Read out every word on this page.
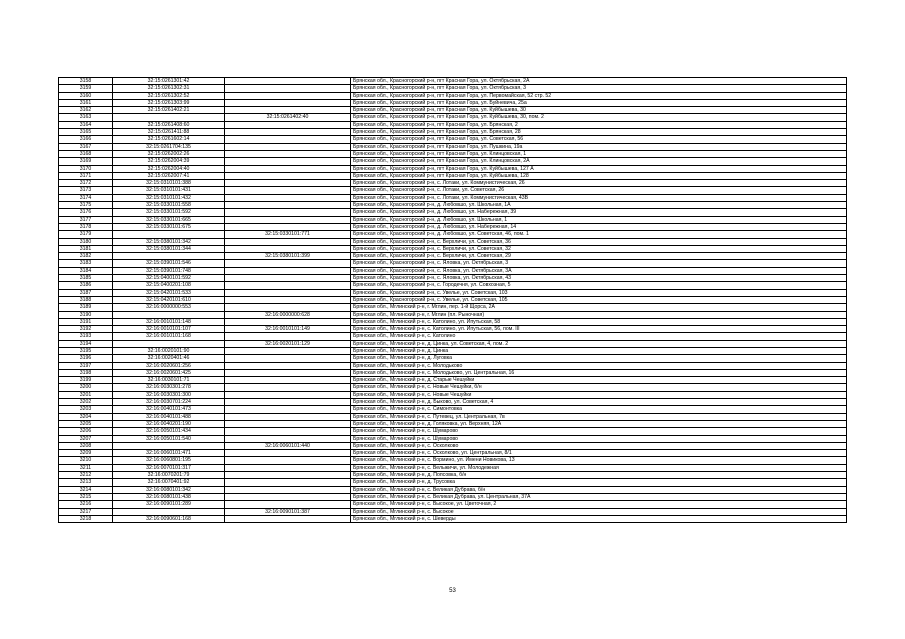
3158	32:15:0261301:42		Брянская обл., Красногорский р-н, пгт Красная Гора, ул. Октябрьская, 2А
3159	32:15:0261302:31		Брянская обл., Красногорский р-н, пгт Красная Гора, ул. Октябрьская, 3
3160	32:15:0261302:52		Брянская обл., Красногорский р-н, пгт Красная Гора, ул. Первомайская, 52 стр. 52
3161	32:15:0261303:99		Брянская обл., Красногорский р-н, пгт Красная Гора, ул. Буйневича, 25а
3162	32:15:0261402:21		Брянская обл., Красногорский р-н, пгт Красная Гора, ул. Куйбышева, 30
3163		32:15:0261402:40	Брянская обл., Красногорский р-н, пгт Красная Гора, ул. Куйбышева, 30, пом. 2
3164	32:15:0261408:60		Брянская обл., Красногорский р-н, пгт Красная Гора, ул. Брянская, 2
3165	32:15:0261411:88		Брянская обл., Красногорский р-н, пгт Красная Гора, ул. Брянская, 28
3166	32:15:0261602:14		Брянская обл., Красногорский р-н, пгт Красная Гора, ул. Советская, 56
3167	32:15:0261704:135		Брянская обл., Красногорский р-н, пгт Красная Гора, ул. Пушкина, 19а
3168	32:15:0262002:26		Брянская обл., Красногорский р-н, пгт Красная Гора, ул. Клинцовская, 1
3169	32:15:0262004:39		Брянская обл., Красногорский р-н, пгт Красная Гора, ул. Клинцовская, 2А
3170	32:15:0262004:40		Брянская обл., Красногорский р-н, пгт Красная Гора, ул. Куйбышева, 127 А
3171	32:15:0262007:41		Брянская обл., Красногорский р-н, пгт Красная Гора, ул. Куйбышева, 128
3172	32:15:0310101:388		Брянская обл., Красногорский р-н, с. Лотаки, ул. Коммунистическая, 26
3173	32:15:0310101:431		Брянская обл., Красногорский р-н, с. Лотаки, ул. Советская, 26
3174	32:15:0310101:432		Брянская обл., Красногорский р-н, с. Лотаки, ул. Коммунистическая, 43В
3175	32:15:0330101:558		Брянская обл., Красногорский р-н, д. Любовшо, ул. Школьная, 1А
3176	32:15:0330101:592		Брянская обл., Красногорский р-н, д. Любовшо, ул. Набережная, 39
3177	32:15:0330101:665		Брянская обл., Красногорский р-н, д. Любовшо, ул. Школьная, 1
3178	32:15:0330101:675		Брянская обл., Красногорский р-н, д. Любовшо, ул. Набережная, 14
3179		32:15:0330101:771	Брянская обл., Красногорский р-н, д. Любовшо, ул. Советская, 46, пом. 1
3180	32:15:0380101:342		Брянская обл., Красногорский р-н, с. Верхличи, ул. Советская, 36
3181	32:15:0380101:344		Брянская обл., Красногорский р-н, с. Верхличи, ул. Советская, 32
3182		32:15:0380101:399	Брянская обл., Красногорский р-н, с. Верхличи, ул. Советская, 29
3183	32:15:0390101:546		Брянская обл., Красногорский р-н, с. Яловка, ул. Октябрьская, 3
3184	32:15:0390101:748		Брянская обл., Красногорский р-н, с. Яловка, ул. Октябрьская, 3А
3185	32:15:0400101:592		Брянская обл., Красногорский р-н, с. Яловка, ул. Октябрьская, 43
3186	32:15:0400201:108		Брянская обл., Красногорский р-н, с. Городечня, ул. Совхозная, 5
3187	32:15:0420101:533		Брянская обл., Красногорский р-н, с. Увелье, ул. Советская, 103
3188	32:15:0420101:610		Брянская обл., Красногорский р-н, с. Увелье, ул. Советская, 105
3189	32:16:0000000:553		Брянская обл., Мглинский р-н, г. Мглин, пер. 1-й Щорса, 2А
3190		32:16:0000000:628	Брянская обл., Мглинский р-н, г. Мглин (пл. Рыночная)
3191	32:16:0010101:148		Брянская обл., Мглинский р-н, с. Католино, ул. Ипутьская, 58
3192	32:16:0010101:107	32:16:0010101:149	Брянская обл., Мглинский р-н, с. Католино, ул. Ипутьская, 56, пом. III
3193	32:16:0010101:168		Брянская обл., Мглинский р-н, с. Католино
3194		32:16:0020101:129	Брянская обл., Мглинский р-н, д. Цинка, ул. Советская, 4, пом. 2
3195	32:16:0020101:90		Брянская обл., Мглинский р-н, д. Цинка
3196	32:16:0020401:46		Брянская обл., Мглинский р-н, д. Луговка
3197	32:16:0020601:256		Брянская обл., Мглинский р-н, с. Молодьково
3198	32:16:0020601:425		Брянская обл., Мглинский р-н, с. Молодьково, ул. Центральная, 16
3199	32:16:0030101:71		Брянская обл., Мглинский р-н, д. Старые Чешуйки
3200	32:16:0030301:278		Брянская обл., Мглинский р-н, с. Новые Чешуйки, б/н
3201	32:16:0030301:300		Брянская обл., Мглинский р-н, с. Новые Чешуйки
3202	32:16:0030701:224		Брянская обл., Мглинский р-н, д. Быково, ул. Советская, 4
3203	32:16:0040101:473		Брянская обл., Мглинский р-н, с. Симонтовка
3204	32:16:0040101:488		Брянская обл., Мглинский р-н, с. Путевец, ул. Центральная, 7в
3205	32:16:0040201:190		Брянская обл., Мглинский р-н, д. Голяковка, ул. Верхняя, 12А
3206	32:16:0050101:434		Брянская обл., Мглинский р-н, с. Шумарово
3207	32:16:0050101:540		Брянская обл., Мглинский р-н, с. Шумарово
3208		32:16:0060101:440	Брянская обл., Мглинский р-н, с. Осколково
3209	32:16:0060101:471		Брянская обл., Мглинский р-н, с. Осколково, ул. Центральная, 8/1
3210	32:16:0060801:195		Брянская обл., Мглинский р-н, с. Вормино, ул. Имени Новикова, 13
3211	32:16:0070101:317		Брянская обл., Мглинский р-н, с. Вельжичи, ул. Молодежная
3212	32:16:0070201:79		Брянская обл., Мглинский р-н, д. Попсовка, б/н
3213	32:16:0070401:92		Брянская обл., Мглинский р-н, д. Трусовка
3214	32:16:0080101:342		Брянская обл., Мглинский р-н, с. Великая Дубрава, б/н
3215	32:16:0080101:438		Брянская обл., Мглинский р-н, с. Великая Дубрава, ул. Центральная, 37А
3216	32:16:0090101:289		Брянская обл., Мглинский р-н, с. Высокое, ул. Цветочная, 2
3217		32:16:0090101:387	Брянская обл., Мглинский р-н, с. Высокое
3218	32:16:0090601:168		Брянская обл., Мглинский р-н, с. Шеверды
53
